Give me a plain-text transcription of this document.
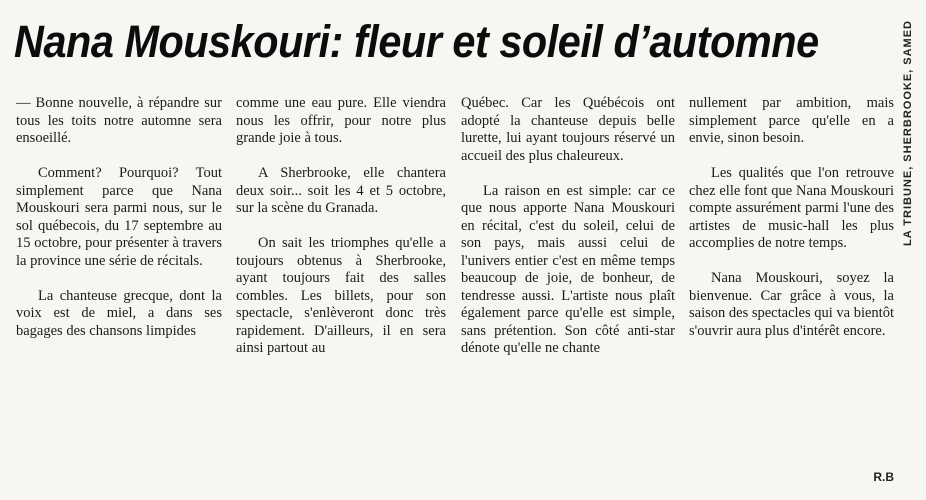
Nana Mouskouri: fleur et soleil d’automne	LA TRIBUNE, SHERBROOKE, SAMED

— Bonne nouvelle, à répandre sur tous les toits notre automne sera ensoeillé.

Comment? Pourquoi? Tout simplement parce que Nana Mouskouri sera parmi nous, sur le sol québecois, du 17 septembre au 15 octobre, pour présenter à travers la province une série de récitals.

La chanteuse grecque, dont la voix est de miel, a dans ses bagages des chansons limpides

comme une eau pure. Elle viendra nous les offrir, pour notre plus grande joie à tous.

A Sherbrooke, elle chantera deux soir... soit les 4 et 5 octobre, sur la scène du Granada.

On sait les triomphes qu'elle a toujours obtenus à Sherbrooke, ayant toujours fait des salles combles. Les billets, pour son spectacle, s'enlèveront donc très rapidement. D'ailleurs, il en sera ainsi partout au

Québec. Car les Québécois ont adopté la chanteuse depuis belle lurette, lui ayant toujours réservé un accueil des plus chaleureux.

La raison en est simple: car ce que nous apporte Nana Mouskouri en récital, c'est du soleil, celui de son pays, mais aussi celui de l'univers entier c'est en même temps beaucoup de joie, de bonheur, de tendresse aussi. L'artiste nous plaît également parce qu'elle est simple, sans prétention. Son côté anti-star dénote qu'elle ne chante

nullement par ambition, mais simplement parce qu'elle en a envie, sinon besoin.

Les qualités que l'on retrouve chez elle font que Nana Mouskouri compte assurément parmi l'une des artistes de music-hall les plus accomplies de notre temps.

Nana Mouskouri, soyez la bienvenue. Car grâce à vous, la saison des spectacles qui va bientôt s'ouvrir aura plus d'intérêt encore.

R.B
